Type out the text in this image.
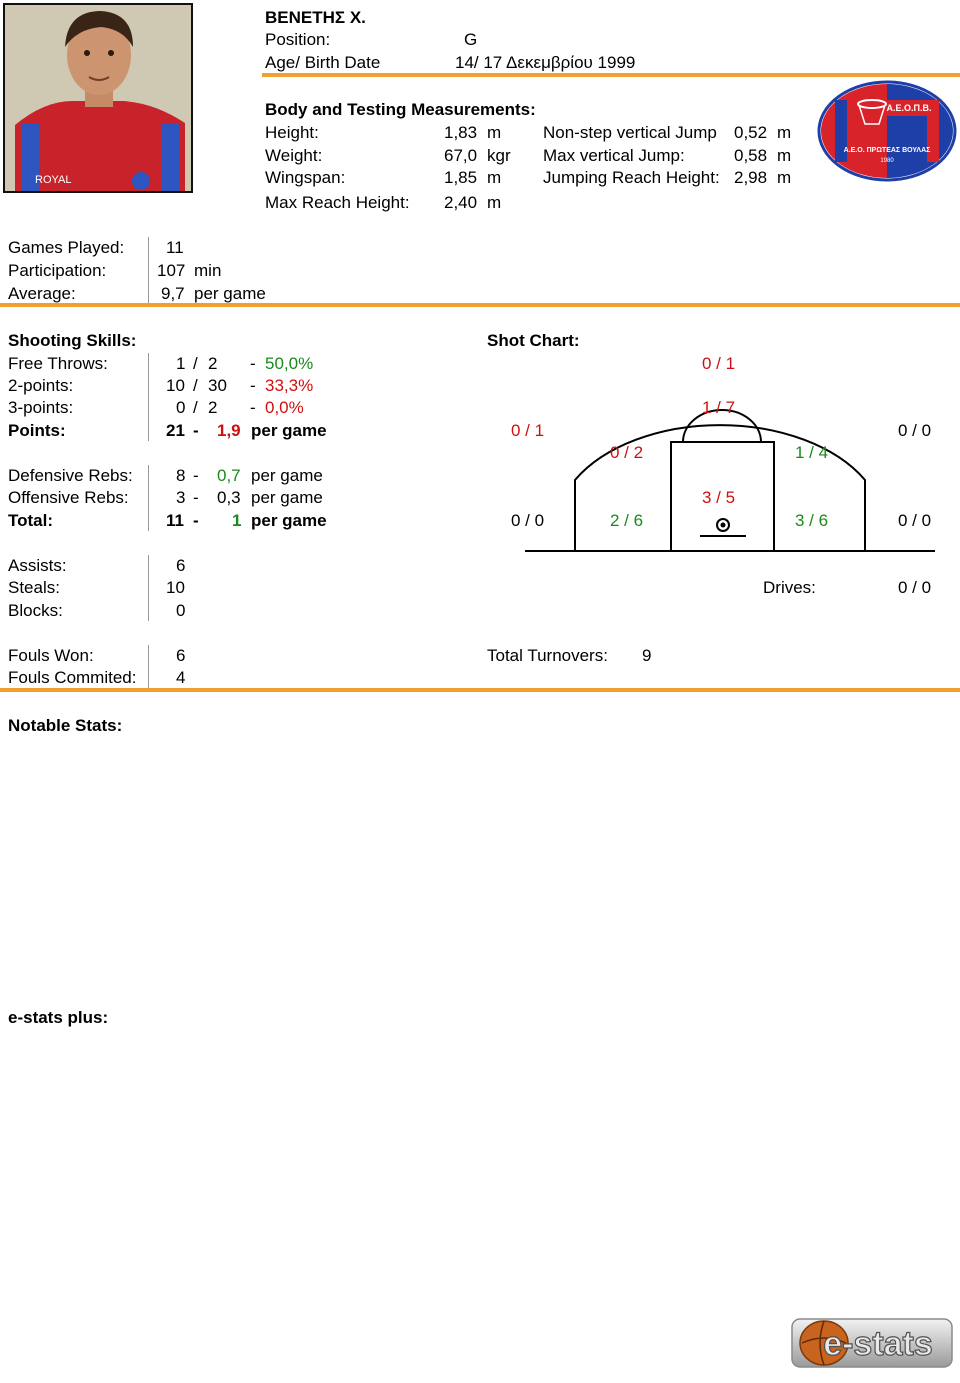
ROYAL
ΒΕΝΕΤΗΣ Χ.
Position:	G
Age/ Birth Date	14/ 17 Δεκεμβρίου 1999
Body and Testing Measurements:
Height:	1,83 m
Weight:	67,0 kgr
Wingspan:	1,85 m
Max Reach Height: 2,40 m
Non-step vertical Jump 0,52 m
Max vertical Jump:	0,58 m
Jumping Reach Height: 2,98 m
Α.Ε.Ο.Π.Β.
Α.Ε.Ο. ΠΡΩΤΕΑΣ ΒΟΥΛΑΣ
1980
Games Played: 11
Participation:	107 min
Average:	9,7 per game
Shooting Skills:
Free Throws:	1 / 2 - 50,0%
2-points:	10 / 30 - 33,3%
3-points:	0 / 2 - 0,0%
Points:	21 - 1,9 per game
Defensive Rebs:	8 - 0,7 per game
Offensive Rebs:	3 - 0,3 per game
Total:	11 - 1 per game
Assists:	6
Steals:	10
Blocks:	0
Fouls Won:	6
Fouls Commited: 4
Total Turnovers: 9
Drives:	0 / 0
Shot Chart:
0 / 1
1 / 7
0 / 1	0 / 0
0 / 2	1 / 4
3 / 5
0 / 0	2 / 6	3 / 6	0 / 0
Notable Stats:
e-stats plus:
e-stats
